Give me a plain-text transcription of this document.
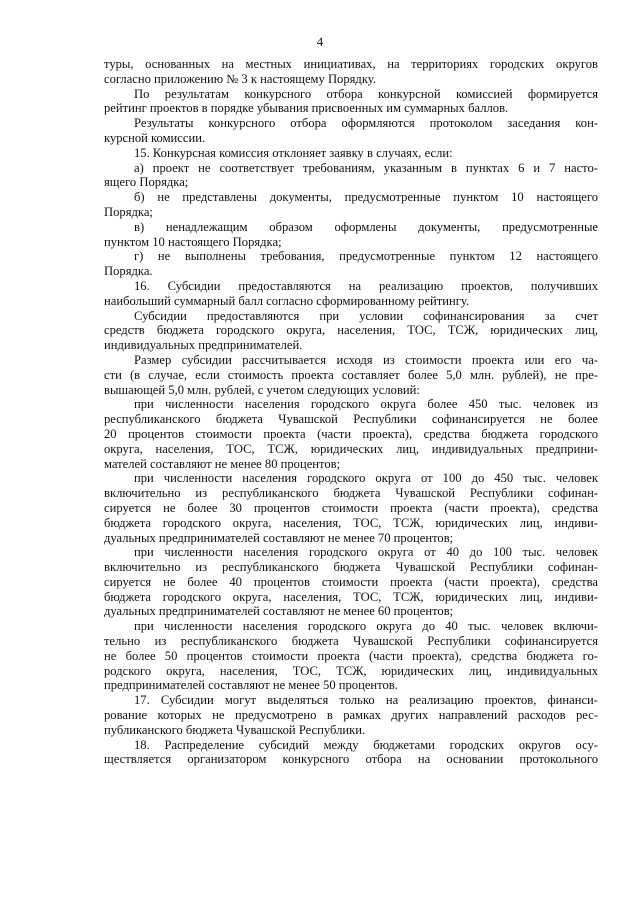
4
туры, основанных на местных инициативах, на территориях городских округов
согласно приложению № 3 к настоящему Порядку.
По результатам конкурсного отбора конкурсной комиссией формируется
рейтинг проектов в порядке убывания присвоенных им суммарных баллов.
Результаты конкурсного отбора оформляются протоколом заседания кон-
курсной комиссии.
15. Конкурсная комиссия отклоняет заявку в случаях, если:
а) проект не соответствует требованиям, указанным в пунктах 6 и 7 насто-
ящего Порядка;
б) не представлены документы, предусмотренные пунктом 10 настоящего
Порядка;
в) ненадлежащим образом оформлены документы, предусмотренные
пунктом 10 настоящего Порядка;
г) не выполнены требования, предусмотренные пунктом 12 настоящего
Порядка.
16. Субсидии предоставляются на реализацию проектов, получивших
наибольший суммарный балл согласно сформированному рейтингу.
Субсидии предоставляются при условии софинансирования за счет
средств бюджета городского округа, населения, ТОС, ТСЖ, юридических лиц,
индивидуальных предпринимателей.
Размер субсидии рассчитывается исходя из стоимости проекта или его ча-
сти (в случае, если стоимость проекта составляет более 5,0 млн. рублей), не пре-
вышающей 5,0 млн. рублей, с учетом следующих условий:
при численности населения городского округа более 450 тыс. человек из
республиканского бюджета Чувашской Республики софинансируется не более
20 процентов стоимости проекта (части проекта), средства бюджета городского
округа, населения, ТОС, ТСЖ, юридических лиц, индивидуальных предприни-
мателей составляют не менее 80 процентов;
при численности населения городского округа от 100 до 450 тыс. человек
включительно из республиканского бюджета Чувашской Республики софинан-
сируется не более 30 процентов стоимости проекта (части проекта), средства
бюджета городского округа, населения, ТОС, ТСЖ, юридических лиц, индиви-
дуальных предпринимателей составляют не менее 70 процентов;
при численности населения городского округа от 40 до 100 тыс. человек
включительно из республиканского бюджета Чувашской Республики софинан-
сируется не более 40 процентов стоимости проекта (части проекта), средства
бюджета городского округа, населения, ТОС, ТСЖ, юридических лиц, индиви-
дуальных предпринимателей составляют не менее 60 процентов;
при численности населения городского округа до 40 тыс. человек включи-
тельно из республиканского бюджета Чувашской Республики софинансируется
не более 50 процентов стоимости проекта (части проекта), средства бюджета го-
родского округа, населения, ТОС, ТСЖ, юридических лиц, индивидуальных
предпринимателей составляют не менее 50 процентов.
17. Субсидии могут выделяться только на реализацию проектов, финанси-
рование которых не предусмотрено в рамках других направлений расходов рес-
публиканского бюджета Чувашской Республики.
18. Распределение субсидий между бюджетами городских округов осу-
ществляется организатором конкурсного отбора на основании протокольного
